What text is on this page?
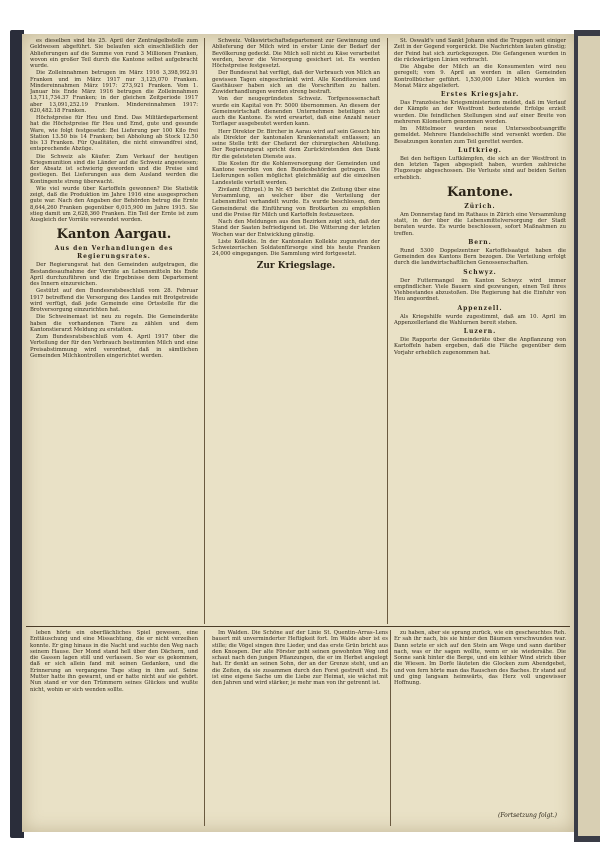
es dieselben sind bis 25. April der Zentralgelbstelle zum Geldwesen abgeführt. Sie belaufen sich einschließlich der Ablieferungen auf die Summe von rund 3 Millionen Franken, wovon ein großer Teil durch die Kantone selbst aufgebracht wurde.

Die Zolleinnahmen betrugen im März 1916 3,398,992.91 Franken und im März 1917 nur 3,125,070 Franken. Mindereinnahmen März 1917: 273,921 Franken. Vom 1. Januar bis Ende März 1916 betrugen die Zolleinnahmen 13,711,734.37 Franken; in der gleichen Zeitperiode 1917 aber 13,091,252.19 Franken. Mindereinnahmen 1917: 620,482.18 Franken.

Höchstpreise für Heu und Emd. Das Militärdepartement hat die Höchstpreise für Heu und Emd, gute und gesunde Ware, wie folgt festgesetzt: Bei Lieferung per 100 Kilo frei Station 13.50 bis 14 Franken; bei Abholung ab Stock 12.50 bis 13 Franken. Für Qualitäten, die nicht einwandfrei sind, entsprechende Abzüge.

Die Schweiz als Käufer. Zum Verkauf der heutigen Kriegsmunition sind die Länder auf die Schweiz angewiesen; der Absatz ist schwierig geworden und die Preise sind gestiegen. Bei Lieferungen aus dem Ausland werden die Kontingente streng überwacht.

Wie viel wurde über Kartoffeln gewonnen? Die Statistik zeigt, daß die Produktion im Jahre 1916 eine ausgesprochen gute war. Nach den Angaben der Behörden betrug die Ernte 8,644,260 Franken gegenüber 6,015,900 im Jahre 1915. Sie stieg damit um 2,628,360 Franken. Ein Teil der Ernte ist zum Ausgleich der Vorräte verwendet worden.

Kanton Aargau.
Aus den Verhandlungen des Regierungsrates.

Der Regierungsrat hat den Gemeinden aufgetragen, die Bestandesaufnahme der Vorräte an Lebensmitteln bis Ende April durchzuführen und die Ergebnisse dem Departement des Innern einzureichen.

Gestützt auf den Bundesratsbeschluß vom 28. Februar 1917 betreffend die Versorgung des Landes mit Brotgetreide wird verfügt, daß jede Gemeinde eine Ortsstelle für die Brotversorgung einzurichten hat.

Die Schweinemast ist neu zu regeln. Die Gemeinderäte haben die vorhandenen Tiere zu zählen und dem Kantonstierarzt Meldung zu erstatten.

Zum Bundesratsbeschluß vom 4. April 1917 über die Verteilung der für den Verbrauch bestimmten Milch und eine Preisabstimmung wird verordnet, daß in sämtlichen Gemeinden Milchkontrollen eingerichtet werden.

Schweiz. Volkswirtschaftsdepartement zur Gewinnung und Ablieferung der Milch wird in erster Linie der Bedarf der Bevölkerung gedeckt. Die Milch soll nicht zu Käse verarbeitet werden, bevor die Versorgung gesichert ist. Es werden Höchstpreise festgesetzt.

Der Bundesrat hat verfügt, daß der Verbrauch von Milch an gewissen Tagen eingeschränkt wird. Alle Konditoreien und Gasthäuser haben sich an die Vorschriften zu halten. Zuwiderhandlungen werden streng bestraft.

Von der neugegründeten Schweiz. Torfgenossenschaft wurde ein Kapital von Fr. 5000 übernommen. An diesem der Gemeinwirtschaft dienenden Unternehmen beteiligen sich auch die Kantone. Es wird erwartet, daß eine Anzahl neuer Torflager ausgebeutet werden kann.

Herr Direktor Dr. Bircher in Aarau wird auf sein Gesuch hin als Direktor der kantonalen Krankenanstalt entlassen; an seine Stelle tritt der Chefarzt der chirurgischen Abteilung. Der Regierungsrat spricht dem Zurücktretenden den Dank für die geleisteten Dienste aus.

Die Kosten für die Kohlenversorgung der Gemeinden und Kantone werden von den Bundesbehörden getragen. Die Lieferungen sollen möglichst gleichmäßig auf die einzelnen Landesteile verteilt werden.

Zivilamt (Ehrgel.) In Nr. 45 berichtet die Zeitung über eine Versammlung, an welcher über die Verteilung der Lebensmittel verhandelt wurde. Es wurde beschlossen, dem Gemeinderat die Einführung von Brotkarten zu empfehlen und die Preise für Milch und Kartoffeln festzusetzen.

Nach den Meldungen aus den Bezirken zeigt sich, daß der Stand der Saaten befriedigend ist. Die Witterung der letzten Wochen war der Entwicklung günstig.

Liste Kollekte. In der Kantonalen Kollekte zugunsten der Schweizerischen Soldatenfürsorge sind bis heute Franken 24,000 eingegangen. Die Sammlung wird fortgesetzt.

Zur Kriegslage.

St. Oswald's und Sankt Johann sind die Truppen seit einiger Zeit in der Gegend vorgerückt. Die Nachrichten lauten günstig; der Feind hat sich zurückgezogen. Die Gefangenen wurden in die rückwärtigen Linien verbracht.

Die Abgabe der Milch an die Konsumenten wird neu geregelt; vom 9. April an werden in allen Gemeinden Kontrollbücher geführt. 1,530,000 Liter Milch wurden im Monat März abgeliefert.

Erstes Kriegsjahr.

Das Französische Kriegsministerium meldet, daß im Verlauf der Kämpfe an der Westfront bedeutende Erfolge erzielt wurden. Die feindlichen Stellungen sind auf einer Breite von mehreren Kilometern genommen worden.

Im Mittelmeer wurden neue Unterseebootsangriffe gemeldet. Mehrere Handelsschiffe sind versenkt worden. Die Besatzungen konnten zum Teil gerettet werden.

Luftkrieg.

Bei den heftigen Luftkämpfen, die sich an der Westfront in den letzten Tagen abgespielt haben, wurden zahlreiche Flugzeuge abgeschossen. Die Verluste sind auf beiden Seiten erheblich.

Kantone.
Zürich.

Am Donnerstag fand im Rathaus in Zürich eine Versammlung statt, in der über die Lebensmittelversorgung der Stadt beraten wurde. Es wurde beschlossen, sofort Maßnahmen zu treffen.

Bern.

Rund 5300 Doppelzentner Kartoffelsaatgut haben die Gemeinden des Kantons Bern bezogen. Die Verteilung erfolgt durch die landwirtschaftlichen Genossenschaften.

Schwyz.

Der Futtermangel im Kanton Schwyz wird immer empfindlicher. Viele Bauern sind gezwungen, einen Teil ihres Viehbestandes abzustoßen. Die Regierung hat die Einfuhr von Heu angeordnet.

Appenzell.

Als Kriegshilfe wurde zugestimmt, daß am 10. April im Appenzellerland die Wahlurnen bereit stehen.

Luzern.

Die Rapporte der Gemeinderäte über die Anpflanzung von Kartoffeln haben ergeben, daß die Fläche gegenüber dem Vorjahr erheblich zugenommen hat.

leben hörte ein oberflächliches Spiel gewesen, eine Enttäuschung und eine Missachtung, die er nicht verzeihen konnte. Er ging hinaus in die Nacht und suchte den Weg nach seinem Hause. Der Mond stand hell über den Dächern, und die Gassen lagen still und verlassen. So war es gekommen, daß er sich allein fand mit seinen Gedanken, und die Erinnerung an vergangene Tage stieg in ihm auf. Seine Mutter hatte ihn gewarnt, und er hatte nicht auf sie gehört. Nun stand er vor den Trümmern seines Glückes und wußte nicht, wohin er sich wenden sollte.

Im Walden. Die Schöne auf der Linie St. Quentin–Arras–Lens bauert mit unverminderter Heftigkeit fort. Im Walde aber ist es stille; die Vögel singen ihre Lieder, und das erste Grün bricht aus den Knospen. Der alte Förster geht seinen gewohnten Weg und schaut nach den jungen Pflanzungen, die er im Herbst angelegt hat. Er denkt an seinen Sohn, der an der Grenze steht, und an die Zeiten, da sie zusammen durch den Forst gestreift sind. Es ist eine eigene Sache um die Liebe zur Heimat, sie wächst mit den Jahren und wird stärker, je mehr man von ihr getrennt ist.

zu haben, aber sie sprang zurück, wie ein gescheuchtes Reh. Er sah ihr nach, bis sie hinter den Bäumen verschwunden war. Dann setzte er sich auf den Stein am Wege und sann darüber nach, was er ihr sagen wollte, wenn er sie wiedersähe. Die Sonne sank hinter die Berge, und ein kühler Wind strich über die Wiesen. Im Dorfe läuteten die Glocken zum Abendgebet, und von fern hörte man das Rauschen des Baches. Er stand auf und ging langsam heimwärts, das Herz voll ungewisser Hoffnung.

(Fortsetzung folgt.)
